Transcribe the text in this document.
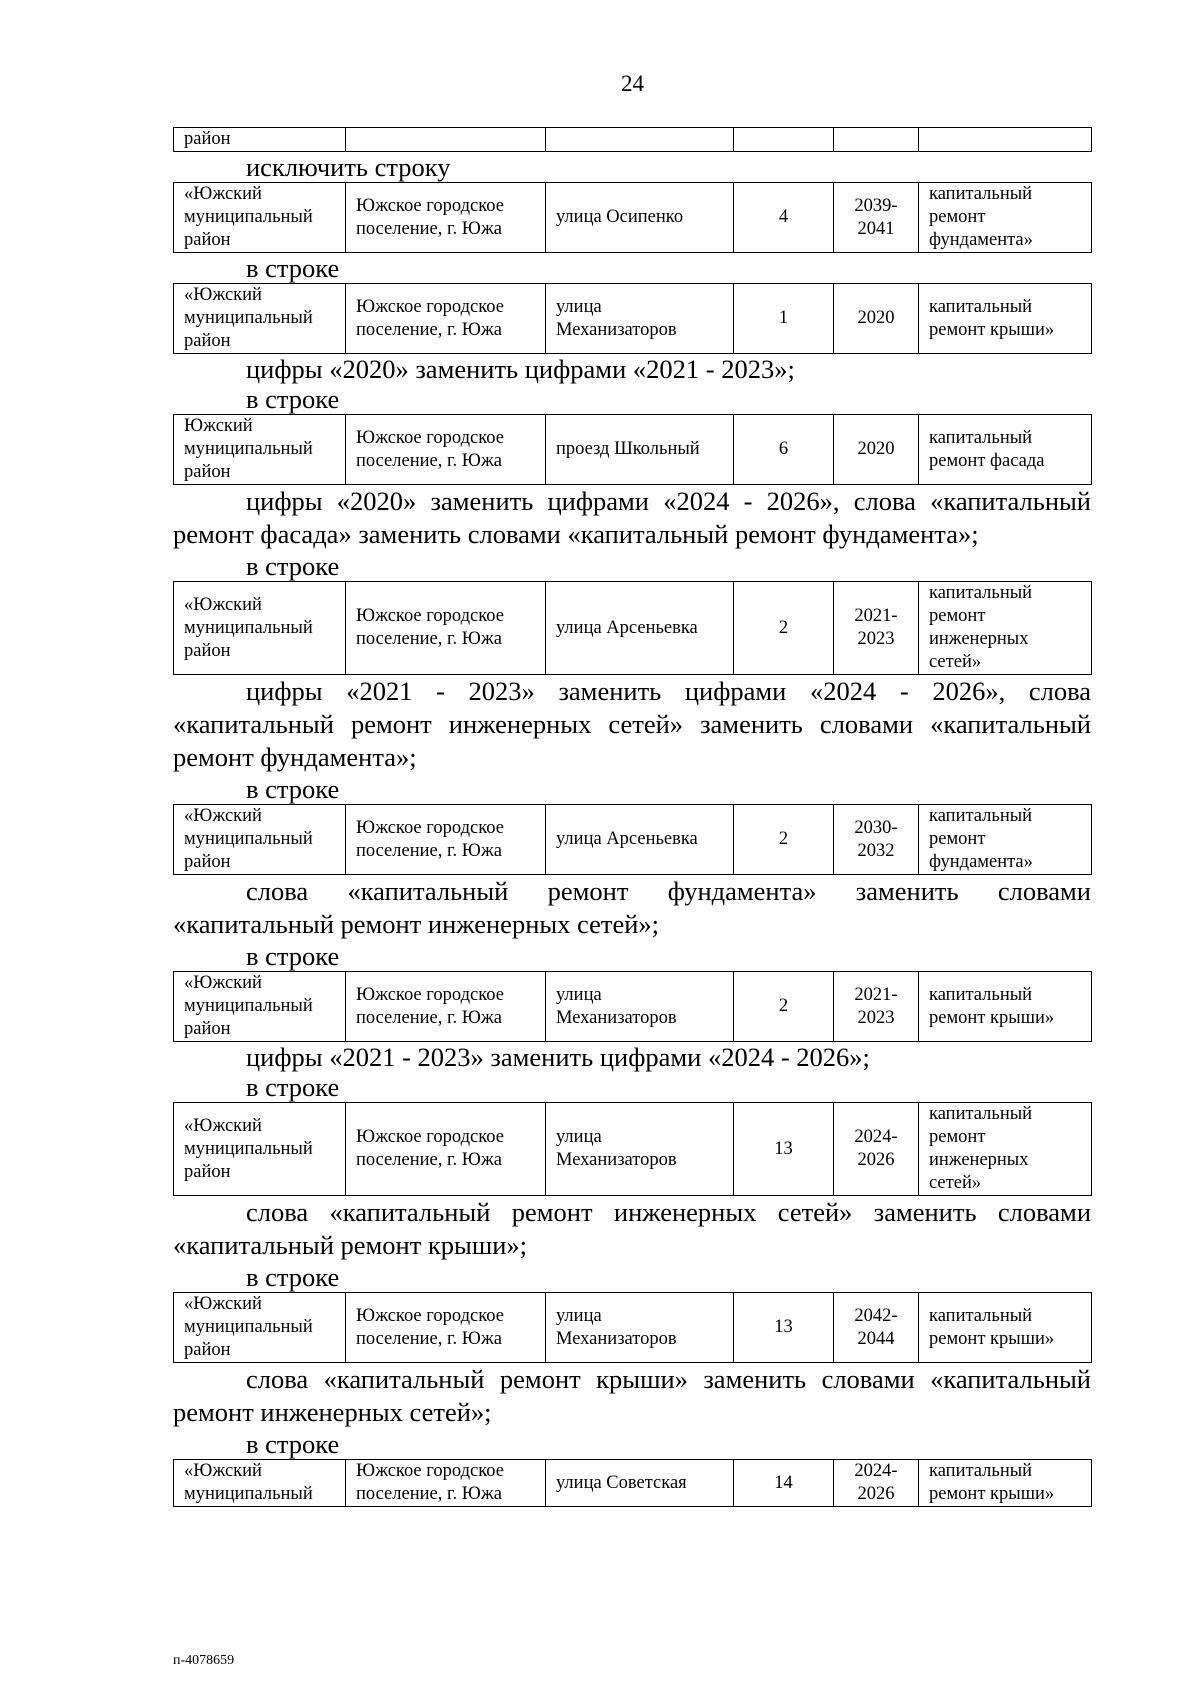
24
район

исключить строку

«Южский
муниципальный
район

Южское городское
поселение, г. Южа

улица Осипенко	4

2039-
2041

капитальный
ремонт
фундамента»

в строке

«Южский
муниципальный
район

Южское городское
поселение, г. Южа

улица
Механизаторов

1	2020

капитальный
ремонт крыши»

цифры «2020» заменить цифрами «2021 - 2023»;

в строке

Южский
муниципальный
район

Южское городское
поселение, г. Южа

проезд Школьный	6	2020

капитальный
ремонт фасада

цифры «2020» заменить цифрами «2024 - 2026», слова «капитальный ремонт фасада» заменить словами «капитальный ремонт фундамента»;

в строке

«Южский
муниципальный
район

Южское городское
поселение, г. Южа

улица Арсеньевка	2

2021-
2023

капитальный
ремонт
инженерных
сетей»

цифры «2021 - 2023» заменить цифрами «2024 - 2026», слова «капитальный ремонт инженерных сетей» заменить словами «капитальный ремонт фундамента»;

в строке

«Южский
муниципальный
район

Южское городское
поселение, г. Южа

улица Арсеньевка	2

2030-
2032

капитальный
ремонт
фундамента»

слова «капитальный ремонт фундамента» заменить словами «капитальный ремонт инженерных сетей»;

в строке

«Южский
муниципальный
район

Южское городское
поселение, г. Южа

улица
Механизаторов

2

2021-
2023

капитальный
ремонт крыши»

цифры «2021 - 2023» заменить цифрами «2024 - 2026»;

в строке

«Южский
муниципальный
район

Южское городское
поселение, г. Южа

улица
Механизаторов

13

2024-
2026

капитальный
ремонт
инженерных
сетей»

слова «капитальный ремонт инженерных сетей» заменить словами «капитальный ремонт крыши»;

в строке

«Южский
муниципальный
район

Южское городское
поселение, г. Южа

улица
Механизаторов

13

2042-
2044

капитальный
ремонт крыши»

слова «капитальный ремонт крыши» заменить словами «капитальный ремонт инженерных сетей»;

в строке

«Южский
муниципальный

Южское городское
поселение, г. Южа

улица Советская	14

2024-
2026

капитальный
ремонт крыши»
п-4078659
